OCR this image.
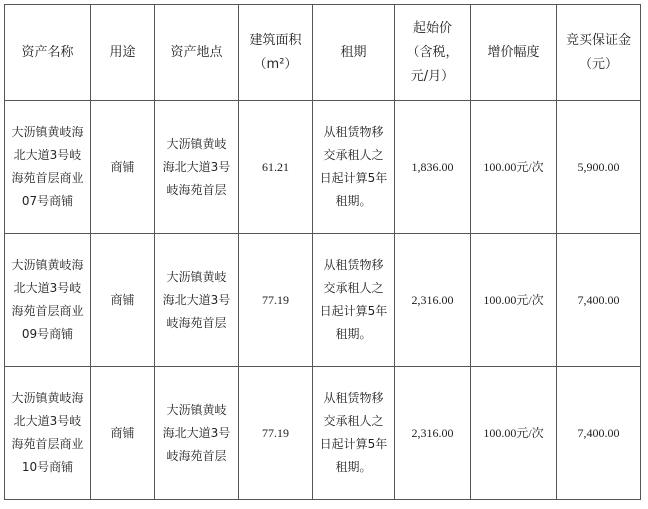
资产名称	用途	资产地点	建筑面积（m²）	租期	起始价（含税，元/月）	增价幅度	竞买保证金（元）
大沥镇黄岐海北大道3号岐海苑首层商业07号商铺	商铺	大沥镇黄岐海北大道3号岐海苑首层	61.21	从租赁物移交承租人之日起计算5年租期。	1,836.00	100.00元/次	5,900.00
大沥镇黄岐海北大道3号岐海苑首层商业09号商铺	商铺	大沥镇黄岐海北大道3号岐海苑首层	77.19	从租赁物移交承租人之日起计算5年租期。	2,316.00	100.00元/次	7,400.00
大沥镇黄岐海北大道3号岐海苑首层商业10号商铺	商铺	大沥镇黄岐海北大道3号岐海苑首层	77.19	从租赁物移交承租人之日起计算5年租期。	2,316.00	100.00元/次	7,400.00
